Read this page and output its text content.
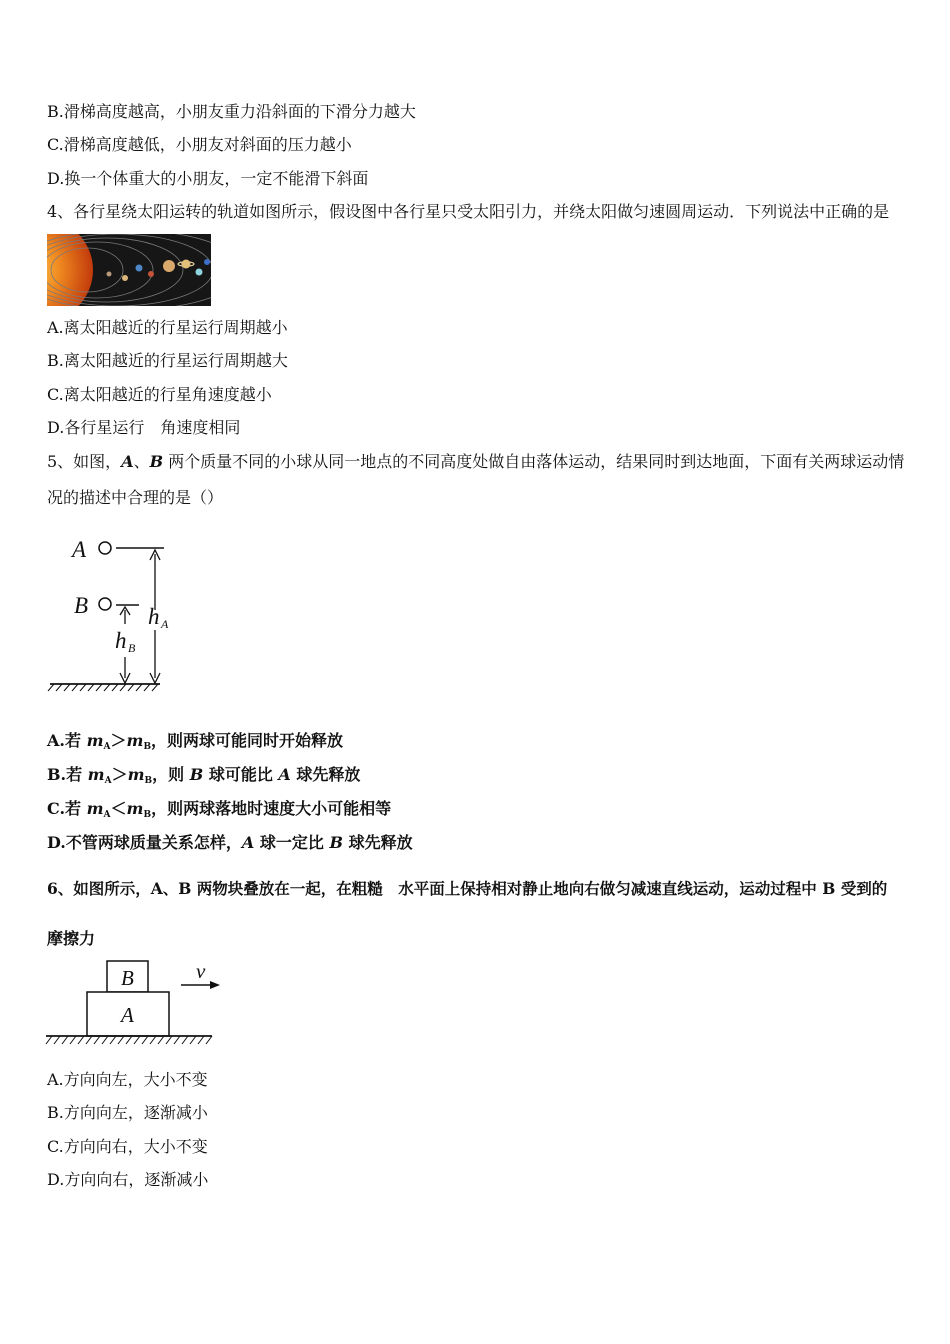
B.滑梯高度越高，小朋友重力沿斜面的下滑分力越大
C.滑梯高度越低，小朋友对斜面的压力越小
D.换一个体重大的小朋友，一定不能滑下斜面
4、各行星绕太阳运转的轨道如图所示，假设图中各行星只受太阳引力，并绕太阳做匀速圆周运动．下列说法中正确的是
A.离太阳越近的行星运行周期越小
B.离太阳越近的行星运行周期越大
C.离太阳越近的行星角速度越小
D.各行星运行　角速度相同
5、如图，A、B 两个质量不同的小球从同一地点的不同高度处做自由落体运动，结果同时到达地面，下面有关两球运动情
况的描述中合理的是（）
A
B	h A
h B
A.若 $m_A>m_B$，则两球可能同时开始释放
B.若 $m_A>m_B$，则 B 球可能比 A 球先释放
C.若 $m_A<m_B$，则两球落地时速度大小可能相等
D.不管两球质量关系怎样，A 球一定比 B 球先释放
6、如图所示，A、B 两物块叠放在一起，在粗糙　水平面上保持相对静止地向右做匀减速直线运动，运动过程中 B 受到的
摩擦力
B
A
v
A.方向向左，大小不变
B.方向向左，逐渐减小
C.方向向右，大小不变
D.方向向右，逐渐减小
